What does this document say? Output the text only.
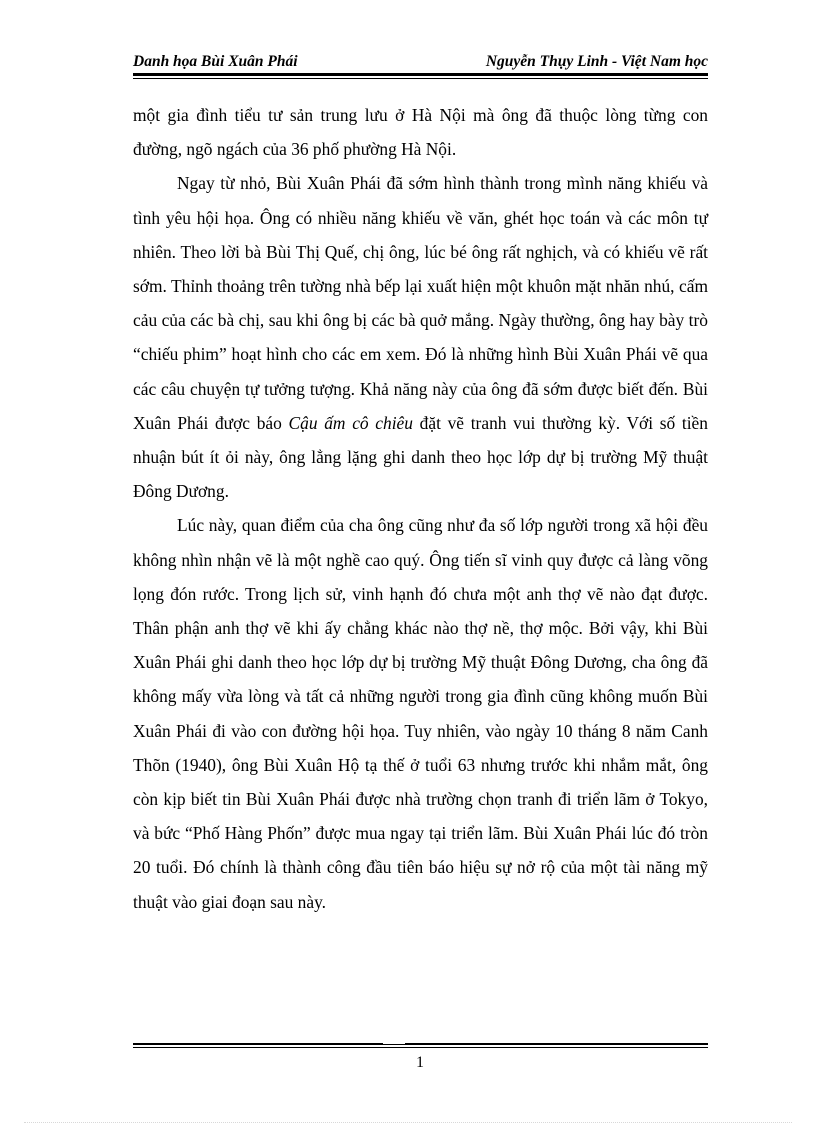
Danh họa Bùi Xuân Phái	Nguyễn Thụy Linh - Việt Nam học

một gia đình tiểu tư sản trung lưu ở Hà Nội mà ông đã thuộc lòng từng con đường, ngõ ngách của 36 phố phường Hà Nội.

Ngay từ nhỏ, Bùi Xuân Phái đã sớm hình thành trong mình năng khiếu và tình yêu hội họa. Ông có nhiều năng khiếu về văn, ghét học toán và các môn tự nhiên. Theo lời bà Bùi Thị Quế, chị ông, lúc bé ông rất nghịch, và có khiếu vẽ rất sớm. Thỉnh thoảng trên tường nhà bếp lại xuất hiện một khuôn mặt nhăn nhú, cấm cảu của các bà chị, sau khi ông bị các bà quở mắng. Ngày thường, ông hay bày trò “chiếu phim” hoạt hình cho các em xem. Đó là những hình Bùi Xuân Phái vẽ qua các câu chuyện tự tưởng tượng. Khả năng này của ông đã sớm được biết đến. Bùi Xuân Phái được báo Cậu ấm cô chiêu đặt vẽ tranh vui thường kỳ. Với số tiền nhuận bút ít ỏi này, ông lẳng lặng ghi danh theo học lớp dự bị trường Mỹ thuật Đông Dương.

Lúc này, quan điểm của cha ông cũng như đa số lớp người trong xã hội đều không nhìn nhận vẽ là một nghề cao quý. Ông tiến sĩ vinh quy được cả làng võng lọng đón rước. Trong lịch sử, vinh hạnh đó chưa một anh thợ vẽ nào đạt được. Thân phận anh thợ vẽ khi ấy chẳng khác nào thợ nề, thợ mộc. Bởi vậy, khi Bùi Xuân Phái ghi danh theo học lớp dự bị trường Mỹ thuật Đông Dương, cha ông đã không mấy vừa lòng và tất cả những người trong gia đình cũng không muốn Bùi Xuân Phái đi vào con đường hội họa. Tuy nhiên, vào ngày 10 tháng 8 năm Canh Thõn (1940), ông Bùi Xuân Hộ tạ thế ở tuổi 63 nhưng trước khi nhắm mắt, ông còn kịp biết tin Bùi Xuân Phái được nhà trường chọn tranh đi triển lãm ở Tokyo, và bức “Phố Hàng Phốn” được mua ngay tại triển lãm. Bùi Xuân Phái lúc đó tròn 20 tuổi. Đó chính là thành công đầu tiên báo hiệu sự nở rộ của một tài năng mỹ thuật vào giai đoạn sau này.

1
